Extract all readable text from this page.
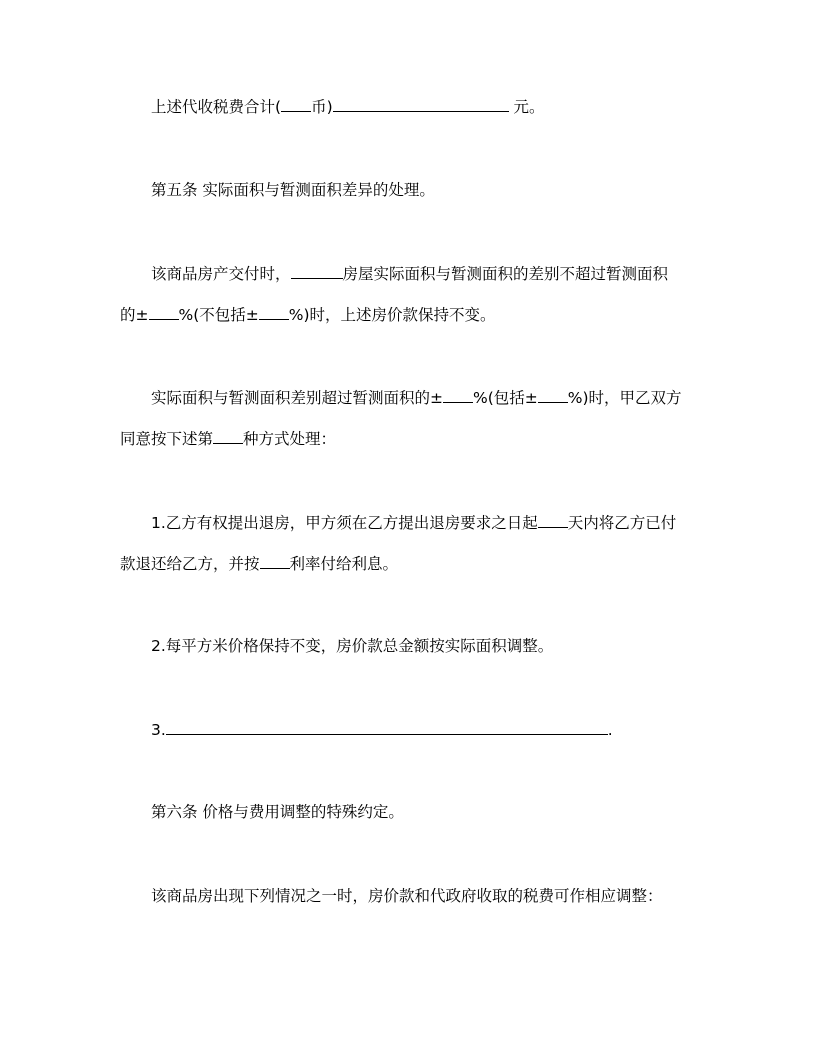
上述代收税费合计( 币)	元。
第五条 实际面积与暂测面积差异的处理。
该商品房产交付时，	房屋实际面积与暂测面积的差别不超过暂测面积
的± %(不包括± %)时，上述房价款保持不变。
实际面积与暂测面积差别超过暂测面积的± %(包括± %)时，甲乙双方
同意按下述第 种方式处理：
1.乙方有权提出退房，甲方须在乙方提出退房要求之日起 天内将乙方已付
款退还给乙方，并按 利率付给利息。
2.每平方米价格保持不变，房价款总金额按实际面积调整。
3.	.
第六条 价格与费用调整的特殊约定。
该商品房出现下列情况之一时，房价款和代政府收取的税费可作相应调整：
